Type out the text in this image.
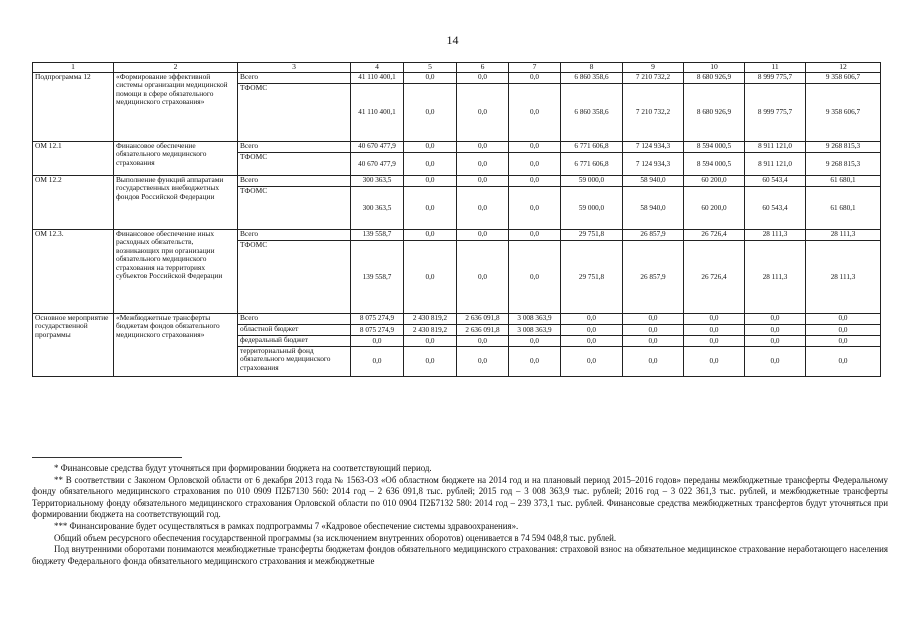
14
1	2	3	4	5	6	7	8	9	10	11	12
Подпрограмма 12	«Формирование эффективной системы организации медицинской помощи в сфере обязательного медицинского страхования»	Всего	41 110 400,1	0,0	0,0	0,0	6 860 358,6	7 210 732,2	8 680 926,9	8 999 775,7	9 358 606,7
		ТФОМС	41 110 400,1	0,0	0,0	0,0	6 860 358,6	7 210 732,2	8 680 926,9	8 999 775,7	9 358 606,7
ОМ 12.1	Финансовое обеспечение обязательного медицинского страхования	Всего	40 670 477,9	0,0	0,0	0,0	6 771 606,8	7 124 934,3	8 594 000,5	8 911 121,0	9 268 815,3
		ТФОМС	40 670 477,9	0,0	0,0	0,0	6 771 606,8	7 124 934,3	8 594 000,5	8 911 121,0	9 268 815,3
ОМ 12.2	Выполнение функций аппаратами государственных внебюджетных фондов Российской Федерации	Всего	300 363,5	0,0	0,0	0,0	59 000,0	58 940,0	60 200,0	60 543,4	61 680,1
		ТФОМС	300 363,5	0,0	0,0	0,0	59 000,0	58 940,0	60 200,0	60 543,4	61 680,1
ОМ 12.3.	Финансовое обеспечение иных расходных обязательств, возникающих при организации обязательного медицинского страхования на территориях субъектов Российской Федерации	Всего	139 558,7	0,0	0,0	0,0	29 751,8	26 857,9	26 726,4	28 111,3	28 111,3
		ТФОМС	139 558,7	0,0	0,0	0,0	29 751,8	26 857,9	26 726,4	28 111,3	28 111,3
Основное мероприятие государственной программы	«Межбюджетные трансферты бюджетам фондов обязательного медицинского страхования»	Всего	8 075 274,9	2 430 819,2	2 636 091,8	3 008 363,9	0,0	0,0	0,0	0,0	0,0
		областной бюджет	8 075 274,9	2 430 819,2	2 636 091,8	3 008 363,9	0,0	0,0	0,0	0,0	0,0
		федеральный бюджет	0,0	0,0	0,0	0,0	0,0	0,0	0,0	0,0	0,0
		территориальный фонд обязательного медицинского страхования	0,0	0,0	0,0	0,0	0,0	0,0	0,0	0,0	0,0

* Финансовые средства будут уточняться при формировании бюджета на соответствующий период.

** В соответствии с Законом Орловской области от 6 декабря 2013 года № 1563-ОЗ «Об областном бюджете на 2014 год и на плановый период 2015–2016 годов» переданы межбюджетные трансферты Федеральному фонду обязательного медицинского страхования по 010 0909 П2Б7130 560: 2014 год – 2 636 091,8 тыс. рублей; 2015 год – 3 008 363,9 тыс. рублей; 2016 год – 3 022 361,3 тыс. рублей, и межбюджетные трансферты Территориальному фонду обязательного медицинского страхования Орловской области по 010 0904 П2Б7132 580: 2014 год – 239 373,1 тыс. рублей. Финансовые средства межбюджетных трансфертов будут уточняться при формировании бюджета на соответствующий год.

*** Финансирование будет осуществляться в рамках подпрограммы 7 «Кадровое обеспечение системы здравоохранения».

Общий объем ресурсного обеспечения государственной программы (за исключением внутренних оборотов) оценивается в 74 594 048,8 тыс. рублей.

Под внутренними оборотами понимаются межбюджетные трансферты бюджетам фондов обязательного медицинского страхования: страховой взнос на обязательное медицинское страхование неработающего населения бюджету Федерального фонда обязательного медицинского страхования и межбюджетные
